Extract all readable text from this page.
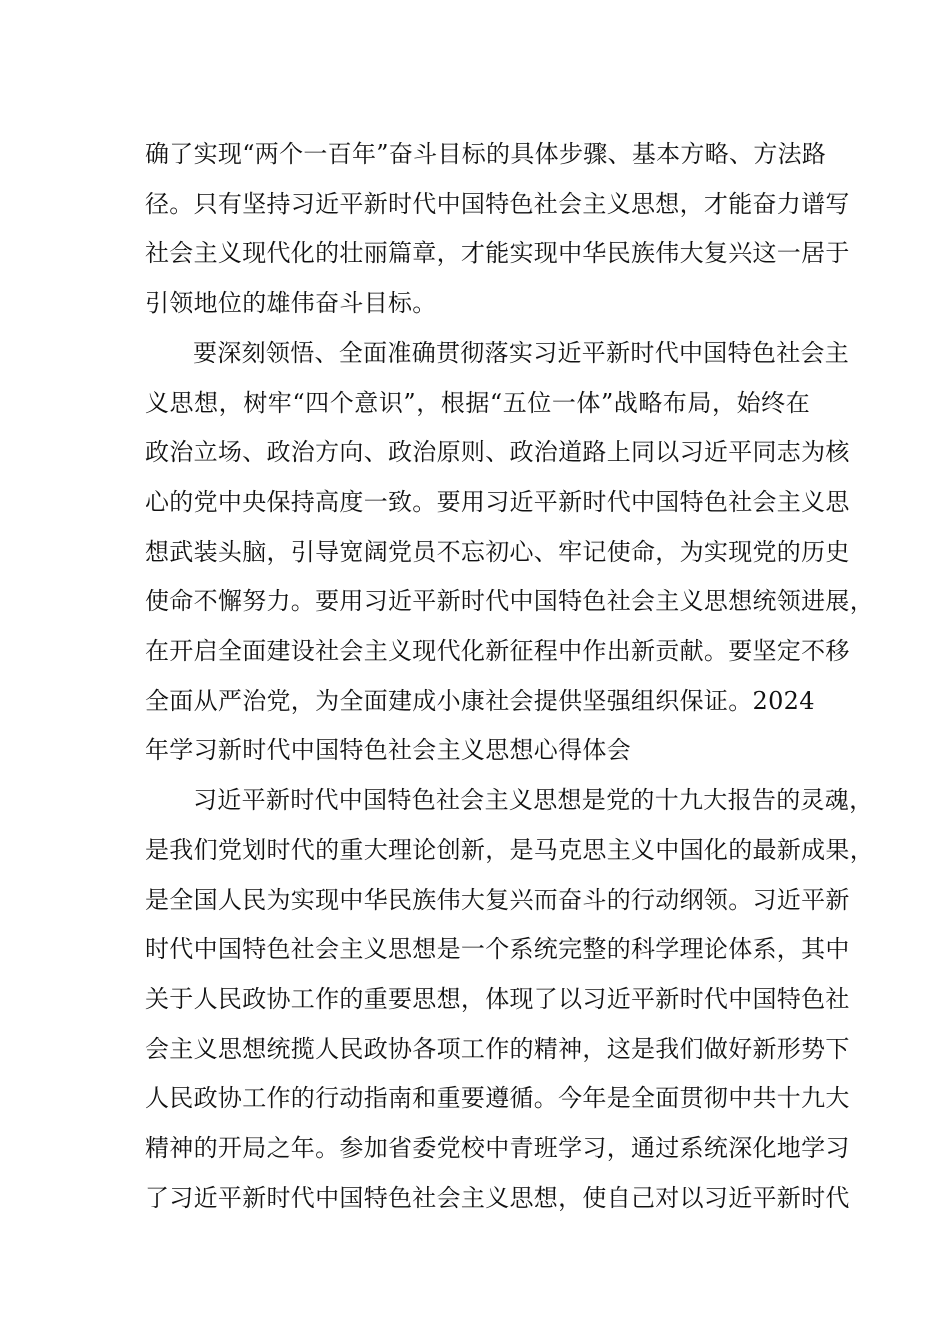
确了实现“两个一百年”奋斗目标的具体步骤、基本方略、方法路
径。只有坚持习近平新时代中国特色社会主义思想，才能奋力谱写
社会主义现代化的壮丽篇章，才能实现中华民族伟大复兴这一居于
引领地位的雄伟奋斗目标。

要深刻领悟、全面准确贯彻落实习近平新时代中国特色社会主
义思想，树牢“四个意识”，根据“五位一体”战略布局，始终在
政治立场、政治方向、政治原则、政治道路上同以习近平同志为核
心的党中央保持高度一致。要用习近平新时代中国特色社会主义思
想武装头脑，引导宽阔党员不忘初心、牢记使命，为实现党的历史
使命不懈努力。要用习近平新时代中国特色社会主义思想统领进展，
在开启全面建设社会主义现代化新征程中作出新贡献。要坚定不移
全面从严治党，为全面建成小康社会提供坚强组织保证。 2024
年学习新时代中国特色社会主义思想心得体会

习近平新时代中国特色社会主义思想是党的十九大报告的灵魂，
是我们党划时代的重大理论创新，是马克思主义中国化的最新成果，
是全国人民为实现中华民族伟大复兴而奋斗的行动纲领。习近平新
时代中国特色社会主义思想是一个系统完整的科学理论体系，其中
关于人民政协工作的重要思想，体现了以习近平新时代中国特色社
会主义思想统揽人民政协各项工作的精神，这是我们做好新形势下
人民政协工作的行动指南和重要遵循。今年是全面贯彻中共十九大
精神的开局之年。参加省委党校中青班学习，通过系统深化地学习
了习近平新时代中国特色社会主义思想，使自己对以习近平新时代
